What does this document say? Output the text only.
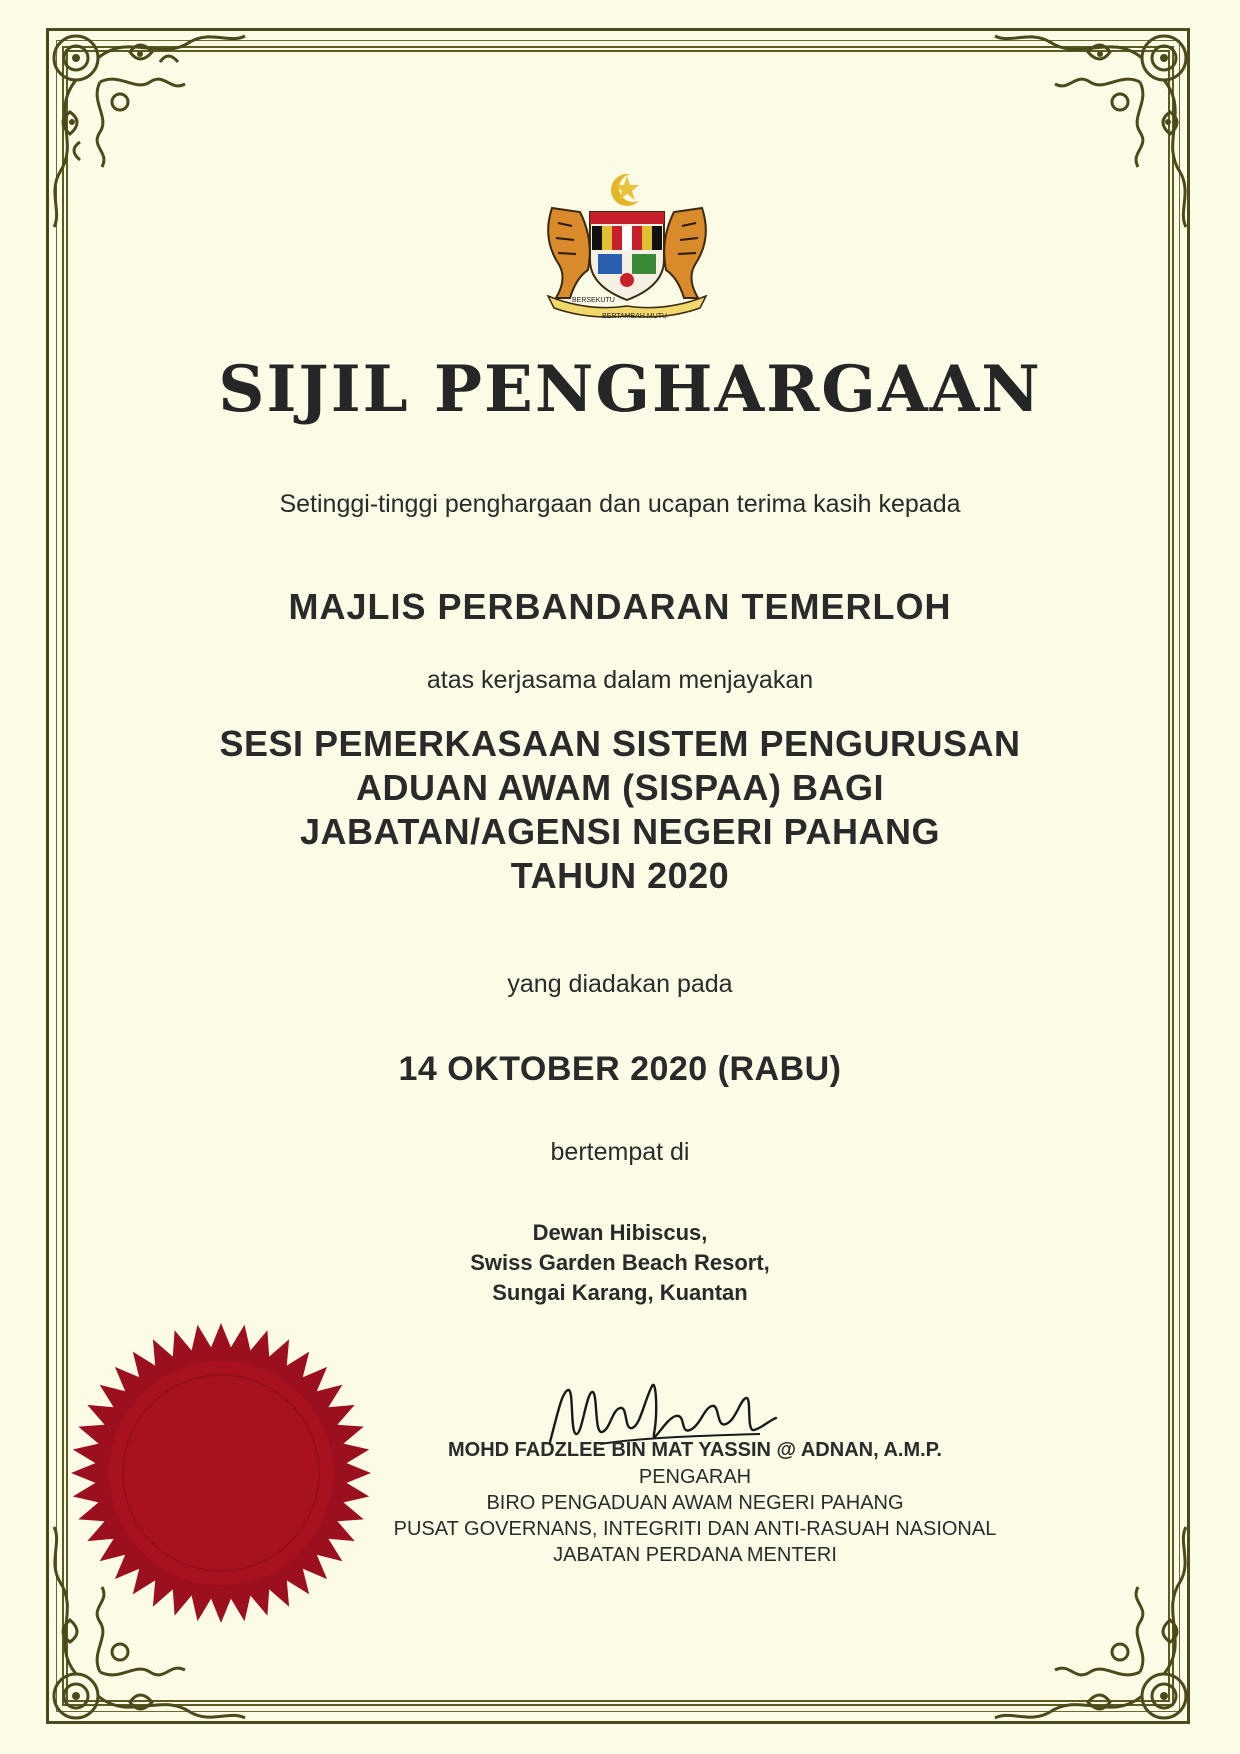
BERSEKUTU
BERTAMBAH MUTU
SIJIL PENGHARGAAN
Setinggi-tinggi penghargaan dan ucapan terima kasih kepada
MAJLIS PERBANDARAN TEMERLOH
atas kerjasama dalam menjayakan
SESI PEMERKASAAN SISTEM PENGURUSAN
ADUAN AWAM (SISPAA) BAGI
JABATAN/AGENSI NEGERI PAHANG
TAHUN 2020
yang diadakan pada
14 OKTOBER 2020 (RABU)
bertempat di
Dewan Hibiscus,
Swiss Garden Beach Resort,
Sungai Karang, Kuantan
MOHD FADZLEE BIN MAT YASSIN @ ADNAN, A.M.P.
PENGARAH
BIRO PENGADUAN AWAM NEGERI PAHANG
PUSAT GOVERNANS, INTEGRITI DAN ANTI-RASUAH NASIONAL
JABATAN PERDANA MENTERI
